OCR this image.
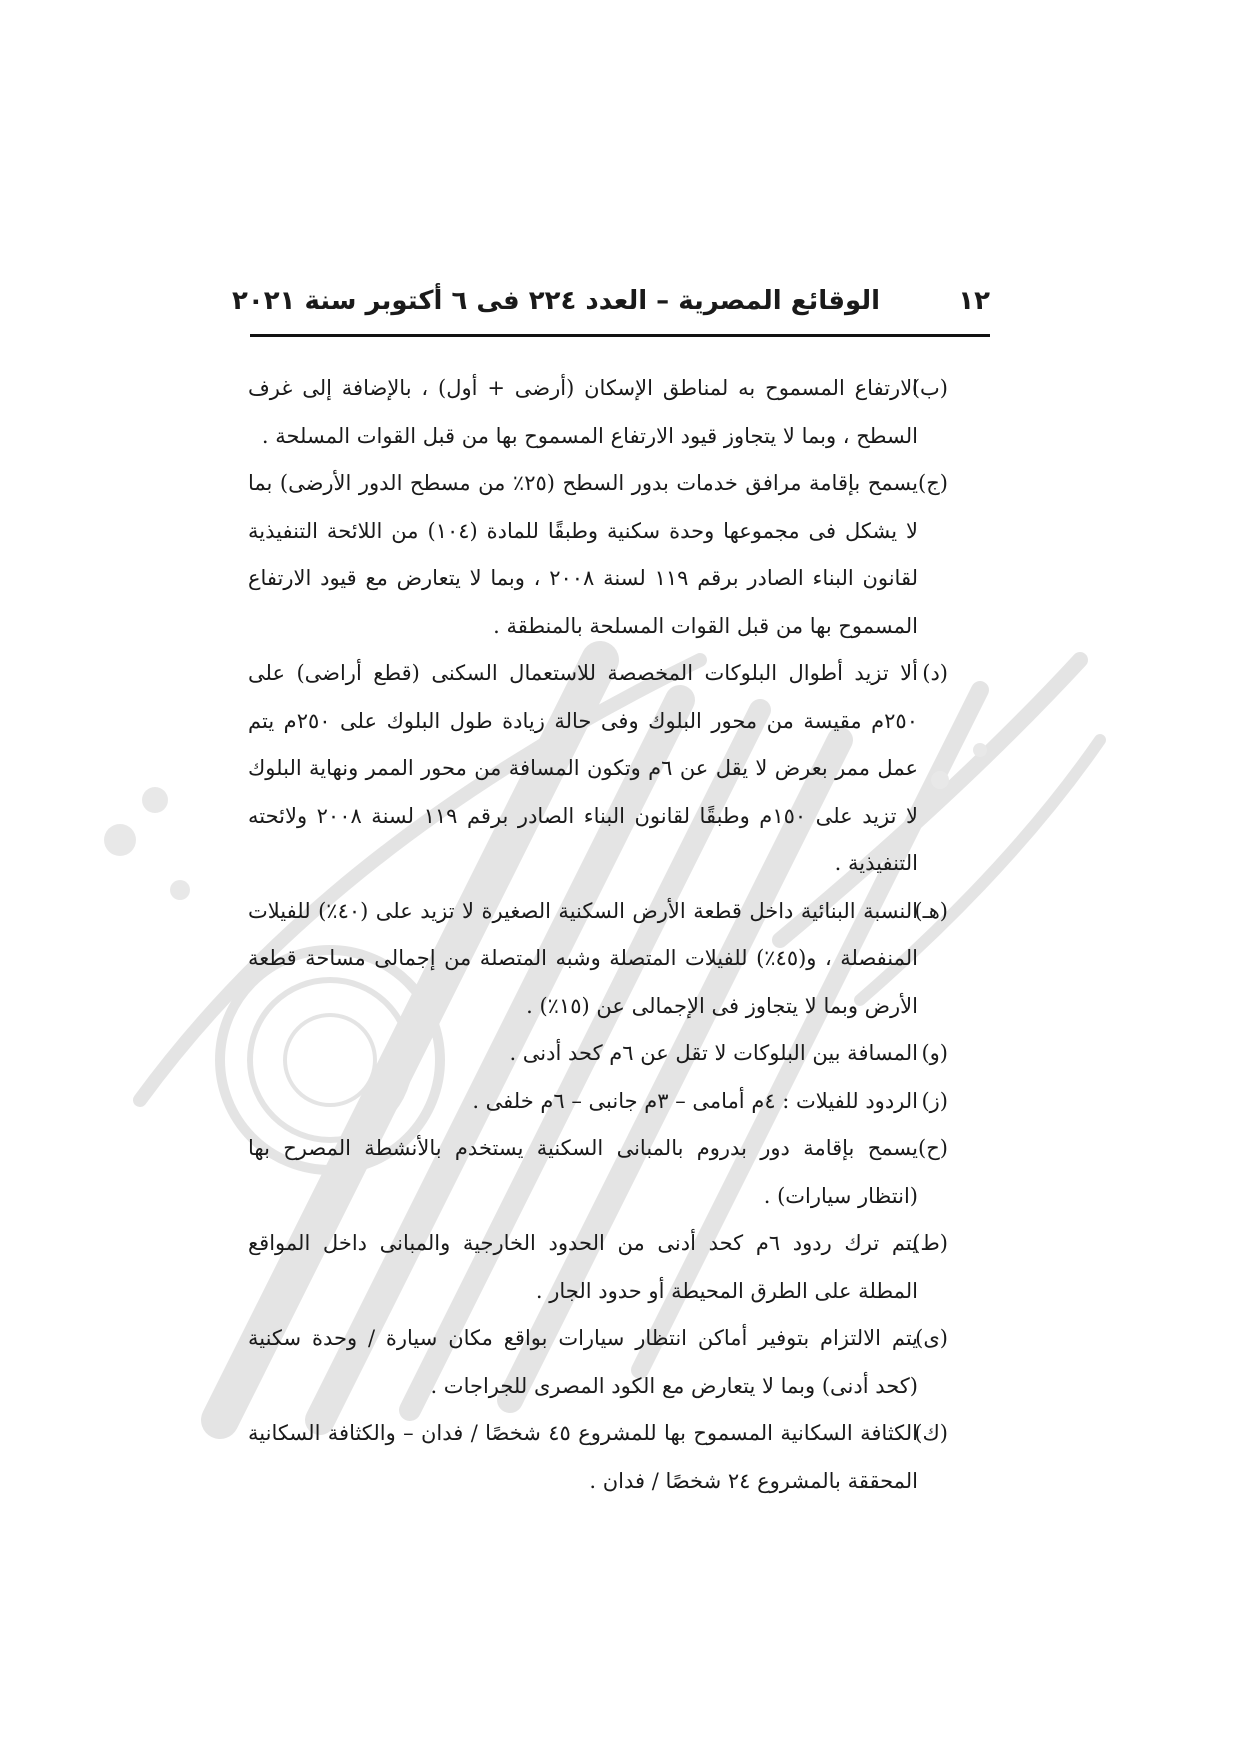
١٢
الوقائع المصرية – العدد ٢٢٤ فى ٦ أكتوبر سنة ٢٠٢١
(ب)
الارتفاع المسموح به لمناطق الإسكان (أرضى + أول) ، بالإضافة إلى غرف السطح ، وبما لا يتجاوز قيود الارتفاع المسموح بها من قبل القوات المسلحة .
(ج)
يسمح بإقامة مرافق خدمات بدور السطح (٢٥٪ من مسطح الدور الأرضى) بما لا يشكل فى مجموعها وحدة سكنية وطبقًا للمادة (١٠٤) من اللائحة التنفيذية لقانون البناء الصادر برقم ١١٩ لسنة ٢٠٠٨ ، وبما لا يتعارض مع قيود الارتفاع المسموح بها من قبل القوات المسلحة بالمنطقة .
(د)
ألا تزيد أطوال البلوكات المخصصة للاستعمال السكنى (قطع أراضى) على ٢٥٠م مقيسة من محور البلوك وفى حالة زيادة طول البلوك على ٢٥٠م يتم عمل ممر بعرض لا يقل عن ٦م وتكون المسافة من محور الممر ونهاية البلوك لا تزيد على ١٥٠م وطبقًا لقانون البناء الصادر برقم ١١٩ لسنة ٢٠٠٨ ولائحته التنفيذية .
(هـ)
النسبة البنائية داخل قطعة الأرض السكنية الصغيرة لا تزيد على (٤٠٪) للفيلات المنفصلة ، و(٤٥٪) للفيلات المتصلة وشبه المتصلة من إجمالى مساحة قطعة الأرض وبما لا يتجاوز فى الإجمالى عن (١٥٪) .
(و)
المسافة بين البلوكات لا تقل عن ٦م كحد أدنى .
(ز)
الردود للفيلات : ٤م أمامى – ٣م جانبى – ٦م خلفى .
(ح)
يسمح بإقامة دور بدروم بالمبانى السكنية يستخدم بالأنشطة المصرح بها (انتظار سيارات) .
(ط)
يتم ترك ردود ٦م كحد أدنى من الحدود الخارجية والمبانى داخل المواقع المطلة على الطرق المحيطة أو حدود الجار .
(ى)
يتم الالتزام بتوفير أماكن انتظار سيارات بواقع مكان سيارة / وحدة سكنية (كحد أدنى) وبما لا يتعارض مع الكود المصرى للجراجات .
(ك)
الكثافة السكانية المسموح بها للمشروع ٤٥ شخصًا / فدان – والكثافة السكانية المحققة بالمشروع ٢٤ شخصًا / فدان .
